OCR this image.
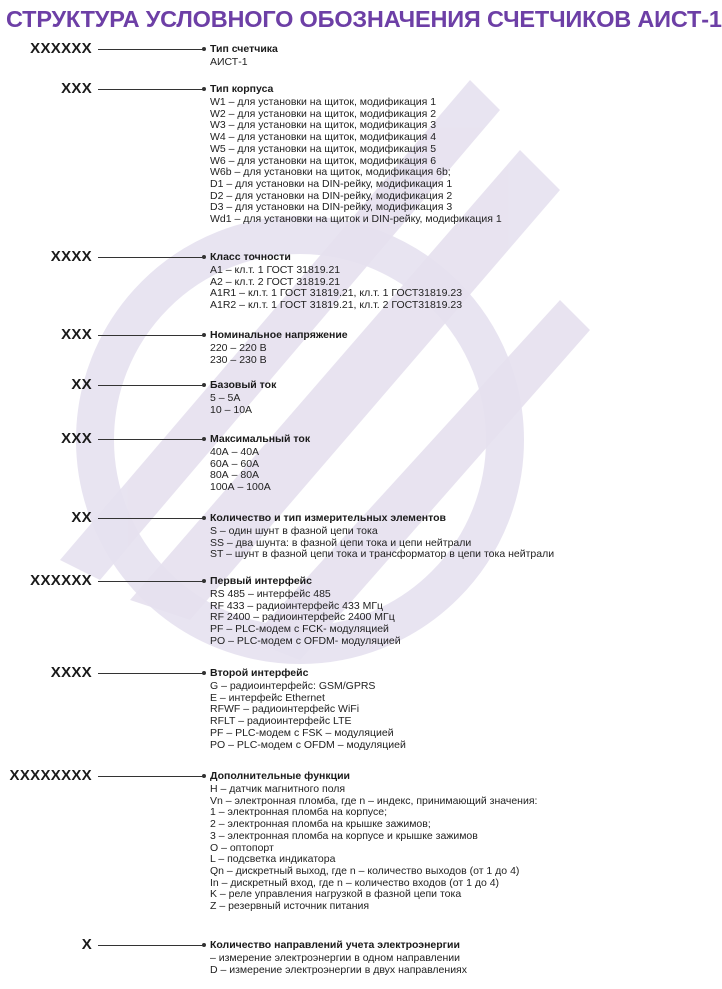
СТРУКТУРА УСЛОВНОГО ОБОЗНАЧЕНИЯ СЧЕТЧИКОВ АИСТ-1
XXXXXX	Тип счетчика
АИСТ-1
XXX	Тип корпуса
W1 – для установки на щиток, модификация 1
W2 – для установки на щиток, модификация 2
W3 – для установки на щиток, модификация 3
W4 – для установки на щиток, модификация 4
W5 – для установки на щиток, модификация 5
W6 – для установки на щиток, модификация 6
W6b – для установки на щиток, модификация 6b;
D1 – для установки на DIN-рейку, модификация 1
D2 – для установки на DIN-рейку, модификация 2
D3 – для установки на DIN-рейку, модификация 3
Wd1 – для установки на щиток и DIN-рейку, модификация 1
XXXX	Класс точности
A1 – кл.т. 1 ГОСТ 31819.21
A2 – кл.т. 2 ГОСТ 31819.21
A1R1 – кл.т. 1 ГОСТ 31819.21, кл.т. 1 ГОСТ31819.23
A1R2 – кл.т. 1 ГОСТ 31819.21, кл.т. 2 ГОСТ31819.23
XXX	Номинальное напряжение
220 – 220 В
230 – 230 В
XX	Базовый ток
5 – 5А
10 – 10А
XXX	Максимальный ток
40А – 40А
60А – 60А
80А – 80А
100А – 100А
XX	Количество и тип измерительных элементов
S – один шунт в фазной цепи тока
SS – два шунта: в фазной цепи тока и цепи нейтрали
ST – шунт в фазной цепи тока и трансформатор в цепи тока нейтрали
XXXXXX	Первый интерфейс
RS 485 – интерфейс 485
RF 433 – радиоинтерфейс 433 МГц
RF 2400 – радиоинтерфейс 2400 МГц
PF – PLC-модем с FCK- модуляцией
PO – PLC-модем с OFDM- модуляцией
XXXX	Второй интерфейс
G – радиоинтерфейс: GSM/GPRS
E – интерфейс Ethernet
RFWF – радиоинтерфейс WiFi
RFLT – радиоинтерфейс LTE
PF – PLC-модем с FSK – модуляцией
PO – PLC-модем с OFDM – модуляцией
XXXXXXXX	Дополнительные функции
H – датчик магнитного поля
Vn – электронная пломба, где n – индекс, принимающий значения:
1 – электронная пломба на корпусе;
2 – электронная пломба на крышке зажимов;
3 – электронная пломба на корпусе и крышке зажимов
O – оптопорт
L – подсветка индикатора
Qn – дискретный выход, где n – количество выходов (от 1 до 4)
In – дискретный вход, где n – количество входов (от 1 до 4)
K – реле управления нагрузкой в фазной цепи тока
Z – резервный источник питания
X	Количество направлений учета электроэнергии
– измерение электроэнергии в одном направлении
D – измерение электроэнергии в двух направлениях
